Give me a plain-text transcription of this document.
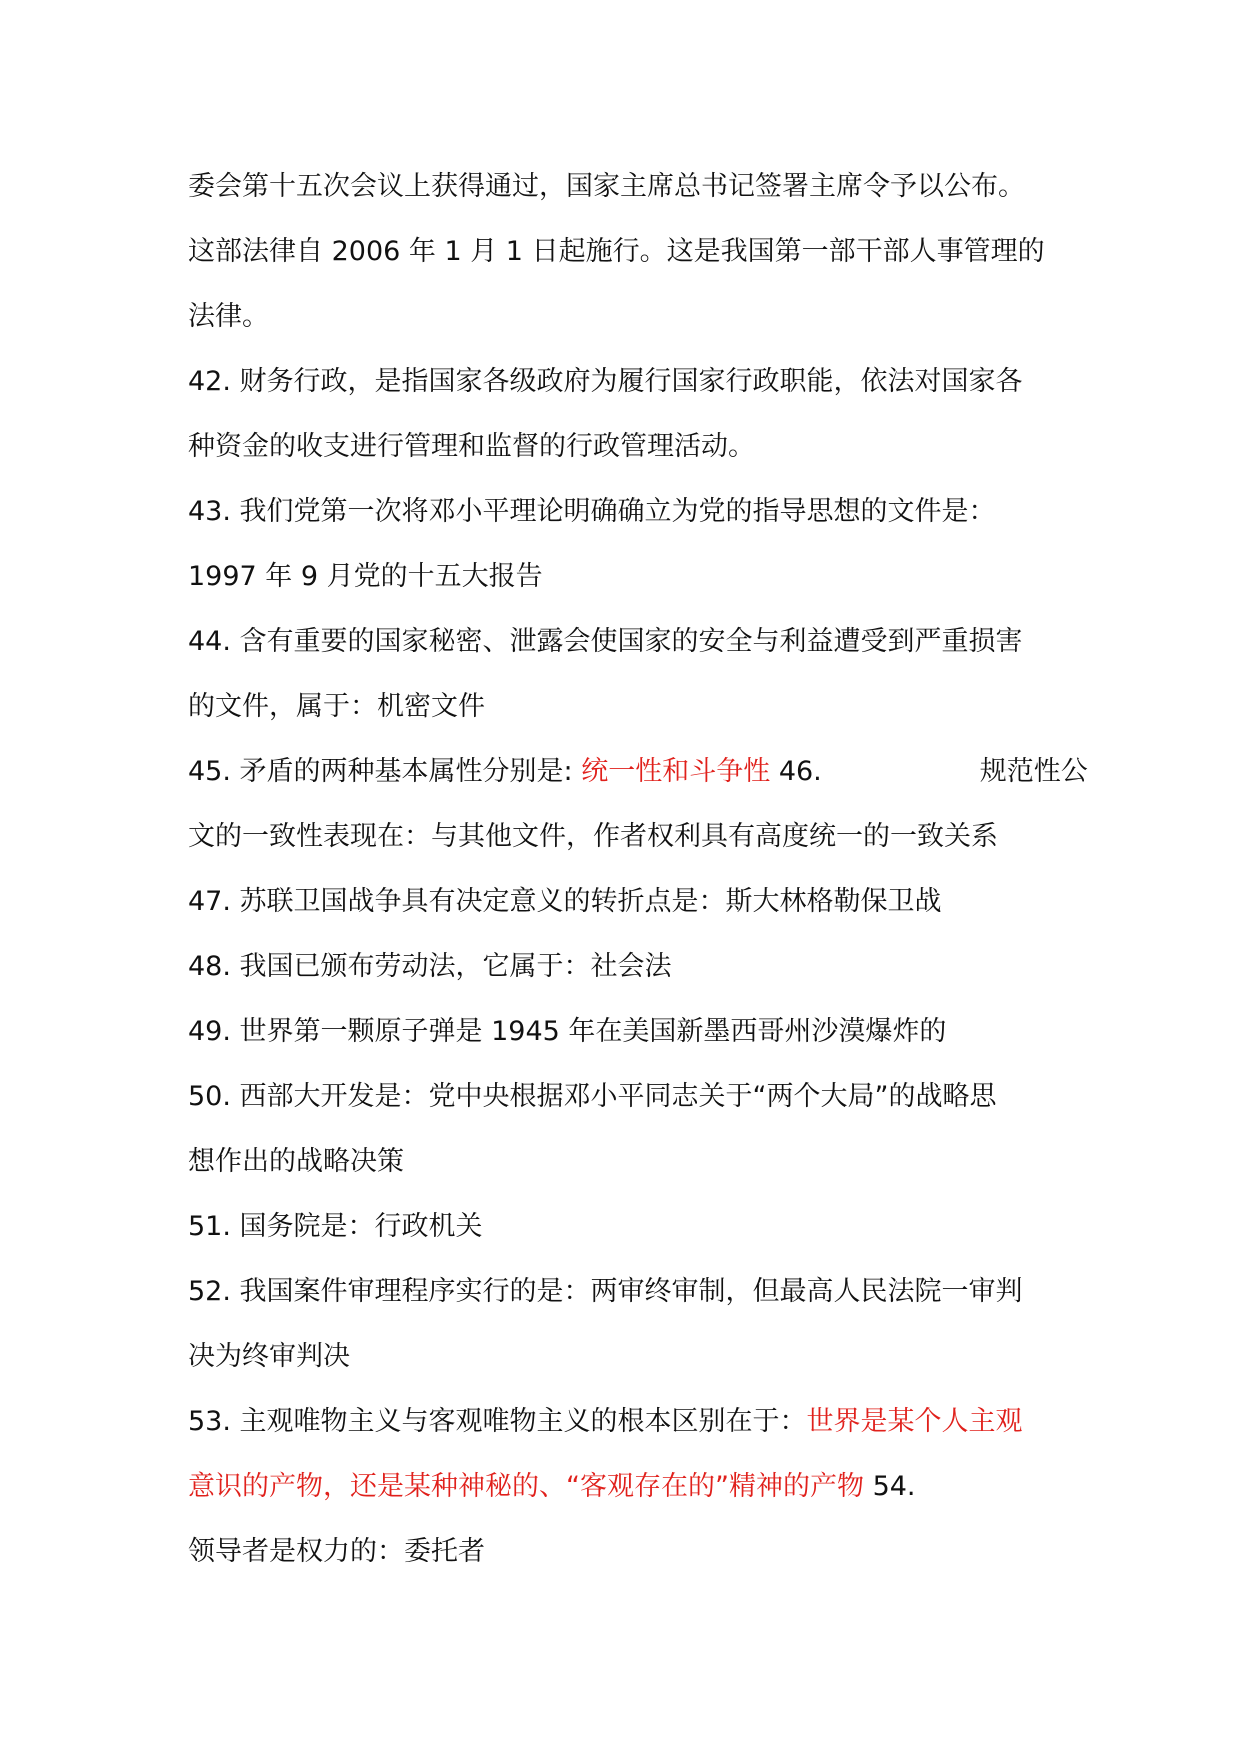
委会第十五次会议上获得通过，国家主席总书记签署主席令予以公布。
这部法律自 2006 年 1 月 1 日起施行。这是我国第一部干部人事管理的
法律。
42. 财务行政，是指国家各级政府为履行国家行政职能，依法对国家各
种资金的收支进行管理和监督的行政管理活动。
43. 我们党第一次将邓小平理论明确确立为党的指导思想的文件是：
1997 年 9 月党的十五大报告
44. 含有重要的国家秘密、泄露会使国家的安全与利益遭受到严重损害
的文件，属于：机密文件
45. 矛盾的两种基本属性分别是: 统一性和斗争性 46.	规范性公
文的一致性表现在：与其他文件，作者权利具有高度统一的一致关系
47. 苏联卫国战争具有决定意义的转折点是：斯大林格勒保卫战
48. 我国已颁布劳动法，它属于：社会法
49. 世界第一颗原子弹是 1945 年在美国新墨西哥州沙漠爆炸的
50. 西部大开发是：党中央根据邓小平同志关于“两个大局”的战略思
想作出的战略决策
51. 国务院是：行政机关
52. 我国案件审理程序实行的是：两审终审制，但最高人民法院一审判
决为终审判决
53. 主观唯物主义与客观唯物主义的根本区别在于：世界是某个人主观
意识的产物，还是某种神秘的、“客观存在的”精神的产物 54.
领导者是权力的：委托者
